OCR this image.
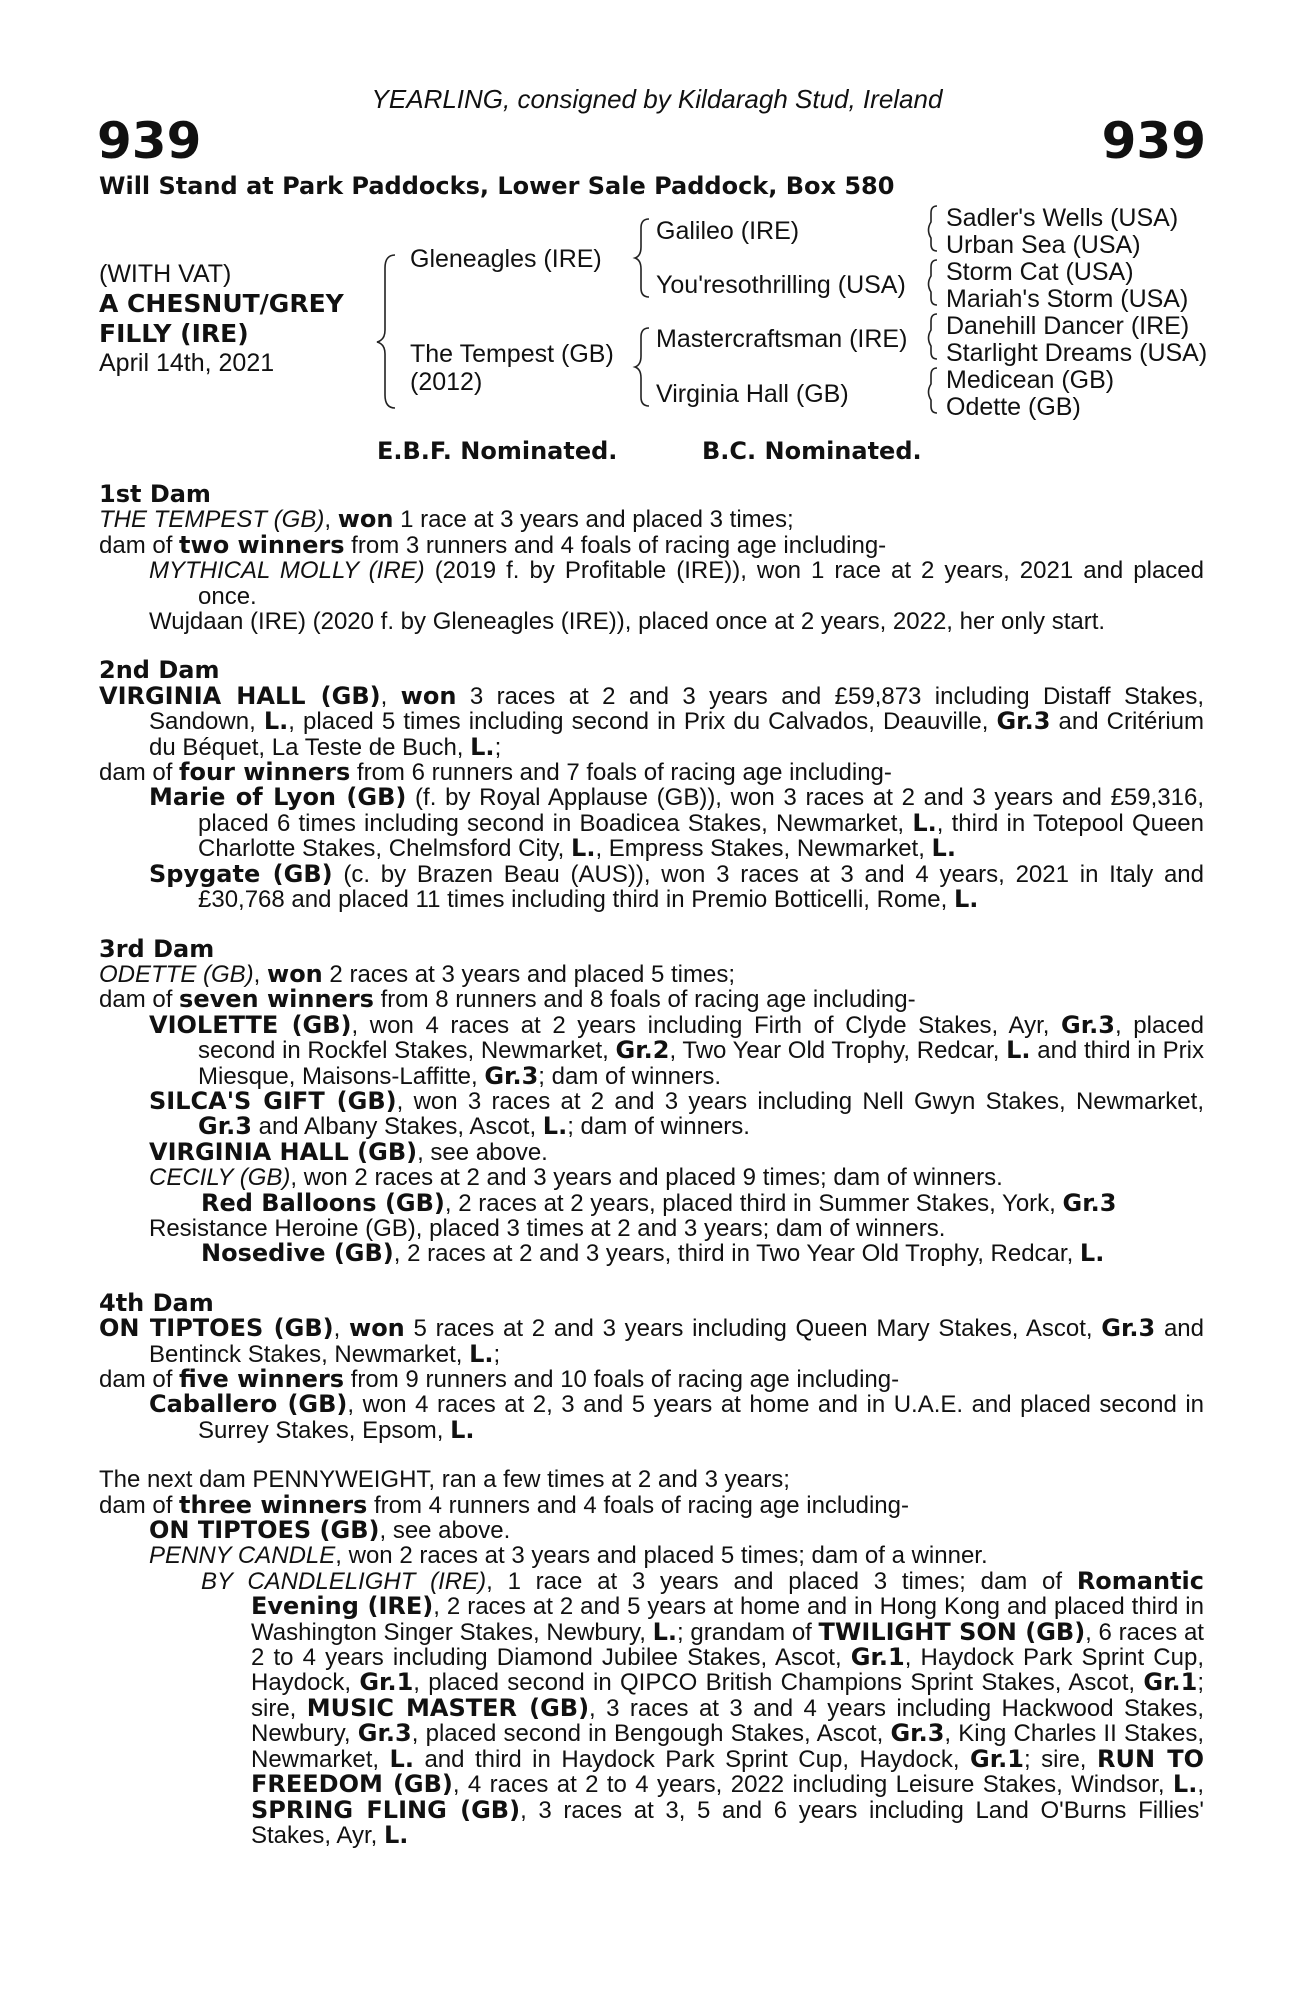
YEARLING, consigned by Kildaragh Stud, Ireland
939	939
Will Stand at Park Paddocks, Lower Sale Paddock, Box 580
(WITH VAT)
A CHESNUT/GREY
FILLY (IRE)
April 14th, 2021
Gleneagles (IRE)
The Tempest (GB)
(2012)
Galileo (IRE)
You'resothrilling (USA)
Mastercraftsman (IRE)
Virginia Hall (GB)
Sadler's Wells (USA)
Urban Sea (USA)
Storm Cat (USA)
Mariah's Storm (USA)
Danehill Dancer (IRE)
Starlight Dreams (USA)
Medicean (GB)
Odette (GB)
E.B.F. Nominated.	B.C. Nominated.

1st Dam

THE TEMPEST (GB), won 1 race at 3 years and placed 3 times;

dam of two winners from 3 runners and 4 foals of racing age including-

MYTHICAL MOLLY (IRE) (2019 f. by Profitable (IRE)), won 1 race at 2 years, 2021 and placed once.

Wujdaan (IRE) (2020 f. by Gleneagles (IRE)), placed once at 2 years, 2022, her only start.

2nd Dam

VIRGINIA HALL (GB), won 3 races at 2 and 3 years and £59,873 including Distaff Stakes, Sandown, L., placed 5 times including second in Prix du Calvados, Deauville, Gr.3 and Critérium du Béquet, La Teste de Buch, L.;

dam of four winners from 6 runners and 7 foals of racing age including-

Marie of Lyon (GB) (f. by Royal Applause (GB)), won 3 races at 2 and 3 years and £59,316, placed 6 times including second in Boadicea Stakes, Newmarket, L., third in Totepool Queen Charlotte Stakes, Chelmsford City, L., Empress Stakes, Newmarket, L.

Spygate (GB) (c. by Brazen Beau (AUS)), won 3 races at 3 and 4 years, 2021 in Italy and £30,768 and placed 11 times including third in Premio Botticelli, Rome, L.

3rd Dam

ODETTE (GB), won 2 races at 3 years and placed 5 times;

dam of seven winners from 8 runners and 8 foals of racing age including-

VIOLETTE (GB), won 4 races at 2 years including Firth of Clyde Stakes, Ayr, Gr.3, placed second in Rockfel Stakes, Newmarket, Gr.2, Two Year Old Trophy, Redcar, L. and third in Prix Miesque, Maisons-Laffitte, Gr.3; dam of winners.

SILCA'S GIFT (GB), won 3 races at 2 and 3 years including Nell Gwyn Stakes, Newmarket, Gr.3 and Albany Stakes, Ascot, L.; dam of winners.

VIRGINIA HALL (GB), see above.

CECILY (GB), won 2 races at 2 and 3 years and placed 9 times; dam of winners.

Red Balloons (GB), 2 races at 2 years, placed third in Summer Stakes, York, Gr.3

Resistance Heroine (GB), placed 3 times at 2 and 3 years; dam of winners.

Nosedive (GB), 2 races at 2 and 3 years, third in Two Year Old Trophy, Redcar, L.

4th Dam

ON TIPTOES (GB), won 5 races at 2 and 3 years including Queen Mary Stakes, Ascot, Gr.3 and Bentinck Stakes, Newmarket, L.;

dam of five winners from 9 runners and 10 foals of racing age including-

Caballero (GB), won 4 races at 2, 3 and 5 years at home and in U.A.E. and placed second in Surrey Stakes, Epsom, L.

The next dam PENNYWEIGHT, ran a few times at 2 and 3 years;

dam of three winners from 4 runners and 4 foals of racing age including-

ON TIPTOES (GB), see above.

PENNY CANDLE, won 2 races at 3 years and placed 5 times; dam of a winner.

BY CANDLELIGHT (IRE), 1 race at 3 years and placed 3 times; dam of Romantic Evening (IRE), 2 races at 2 and 5 years at home and in Hong Kong and placed third in Washington Singer Stakes, Newbury, L.; grandam of TWILIGHT SON (GB), 6 races at 2 to 4 years including Diamond Jubilee Stakes, Ascot, Gr.1, Haydock Park Sprint Cup, Haydock, Gr.1, placed second in QIPCO British Champions Sprint Stakes, Ascot, Gr.1; sire, MUSIC MASTER (GB), 3 races at 3 and 4 years including Hackwood Stakes, Newbury, Gr.3, placed second in Bengough Stakes, Ascot, Gr.3, King Charles II Stakes, Newmarket, L. and third in Haydock Park Sprint Cup, Haydock, Gr.1; sire, RUN TO FREEDOM (GB), 4 races at 2 to 4 years, 2022 including Leisure Stakes, Windsor, L., SPRING FLING (GB), 3 races at 3, 5 and 6 years including Land O'Burns Fillies' Stakes, Ayr, L.
